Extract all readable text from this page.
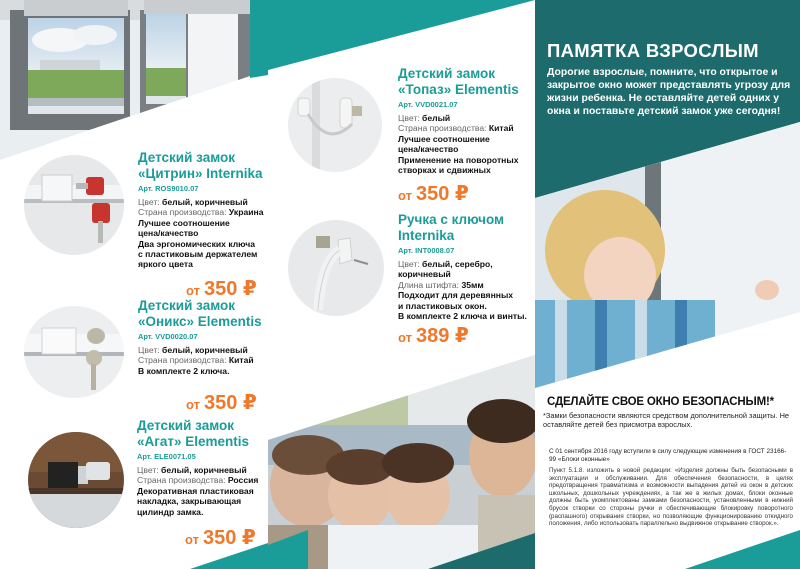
Детский замок
«Цитрин» Internika
Арт. ROS9010.07
Цвет: белый, коричневый
Страна производства: Украина
Лучшее соотношение
цена/качество
Два эргономических ключа
с пластиковым держателем
яркого цвета
от 350 ₽
Детский замок
«Оникс» Elementis
Арт. VVD0020.07
Цвет: белый, коричневый
Страна производства: Китай
В комплекте 2 ключа.
от 350 ₽
Детский замок
«Агат» Elementis
Арт. ELE0071.05
Цвет: белый, коричневый
Страна производства: Россия
Декоративная пластиковая
накладка, закрывающая
цилиндр замка.
от 350 ₽
Детский замок
«Топаз» Elementis
Арт. VVD0021.07
Цвет: белый
Страна производства: Китай
Лучшее соотношение
цена/качество
Применение на поворотных
створках и сдвижных
от 350 ₽
Ручка с ключом
Internika
Арт. INT0008.07
Цвет: белый, серебро,
коричневый
Длина штифта: 35мм
Подходит для деревянных
и пластиковых окон.
В комплекте 2 ключа и винты.
от 389 ₽
ПАМЯТКА ВЗРОСЛЫМ
Дорогие взрослые, помните, что открытое и закрытое окно может представлять угрозу для жизни ребенка. Не оставляйте детей одних у окна и поставьте детский замок уже сегодня!
СДЕЛАЙТЕ СВОЕ ОКНО БЕЗОПАСНЫМ!*
*Замки безопасности являются средством дополнительной защиты. Не оставляйте детей без присмотра взрослых.
С 01 сентября 2016 году вступили в силу следующие изменения в ГОСТ 23166-99 «Блоки оконные»
Пункт 5.1.8. изложить в новой редакции: «Изделия должны быть безопасными в эксплуатации и обслуживании. Для обеспечения безопасности, в целях предотвращения травматизма и возможности выпадения детей из окон в детских школьных, дошкольных учреждениях, а так же в жилых домах, блоки оконные должны быть укомплектованы замками безопасности, установленными в нижний брусок створки со стороны ручки и обеспечивающие блокировку поворотного (распашного) открывания створки, но позволяющие функционированию откидного положения, либо использовать параллельно выдвижное открывание створок.».
